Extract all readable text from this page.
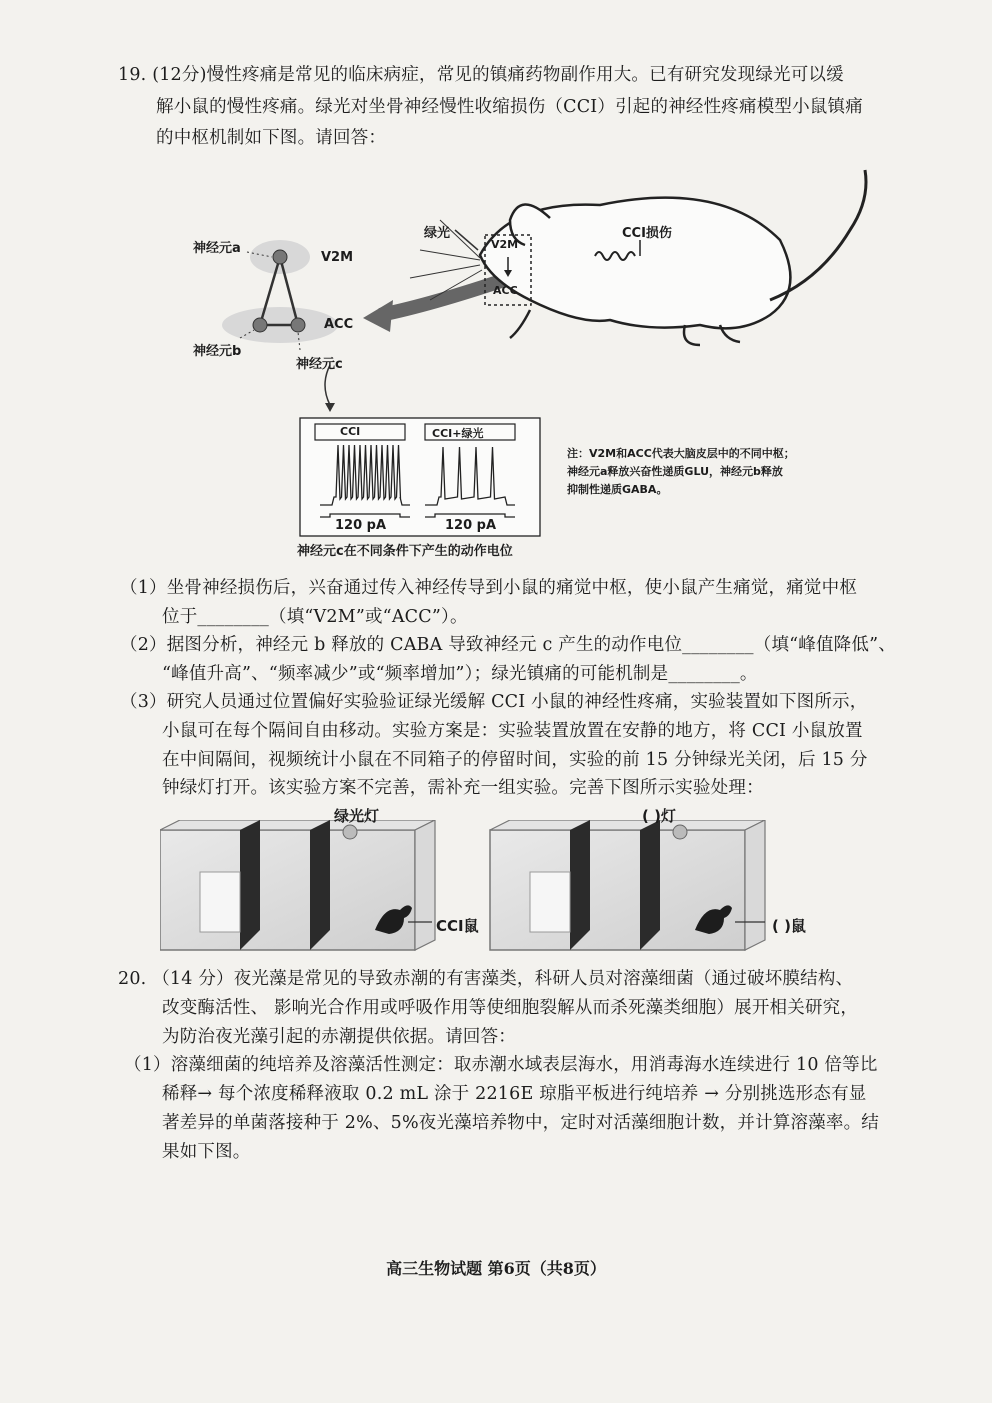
19. (12分)慢性疼痛是常见的临床病症，常见的镇痛药物副作用大。已有研究发现绿光可以缓
解小鼠的慢性疼痛。绿光对坐骨神经慢性收缩损伤（CCI）引起的神经性疼痛模型小鼠镇痛
的中枢机制如下图。请回答：
神经元a
V2M
ACC
神经元b
神经元c
绿光
V2M
ACC
CCI损伤
CCI	CCI+绿光
120 pA	120 pA
神经元c在不同条件下产生的动作电位
注：V2M和ACC代表大脑皮层中的不同中枢；
神经元a释放兴奋性递质GLU，神经元b释放
抑制性递质GABA。
（1）坐骨神经损伤后，兴奋通过传入神经传导到小鼠的痛觉中枢，使小鼠产生痛觉，痛觉中枢
位于________（填“V2M”或“ACC”）。
（2）据图分析，神经元 b 释放的 CABA 导致神经元 c 产生的动作电位________（填“峰值降低”、
“峰值升高”、“频率减少”或“频率增加”）；绿光镇痛的可能机制是________。
（3）研究人员通过位置偏好实验验证绿光缓解 CCI 小鼠的神经性疼痛，实验装置如下图所示，
小鼠可在每个隔间自由移动。实验方案是：实验装置放置在安静的地方，将 CCI 小鼠放置
在中间隔间，视频统计小鼠在不同箱子的停留时间，实验的前 15 分钟绿光关闭，后 15 分
钟绿灯打开。该实验方案不完善，需补充一组实验。完善下图所示实验处理：
绿光灯
CCI鼠
( )灯
( )鼠
20. （14 分）夜光藻是常见的导致赤潮的有害藻类，科研人员对溶藻细菌（通过破坏膜结构、
改变酶活性、 影响光合作用或呼吸作用等使细胞裂解从而杀死藻类细胞）展开相关研究，
为防治夜光藻引起的赤潮提供依据。请回答：
（1）溶藻细菌的纯培养及溶藻活性测定：取赤潮水域表层海水，用消毒海水连续进行 10 倍等比
稀释→ 每个浓度稀释液取 0.2 mL 涂于 2216E 琼脂平板进行纯培养 → 分别挑选形态有显
著差异的单菌落接种于 2%、5%夜光藻培养物中，定时对活藻细胞计数，并计算溶藻率。结
果如下图。
高三生物试题 第6页（共8页）
